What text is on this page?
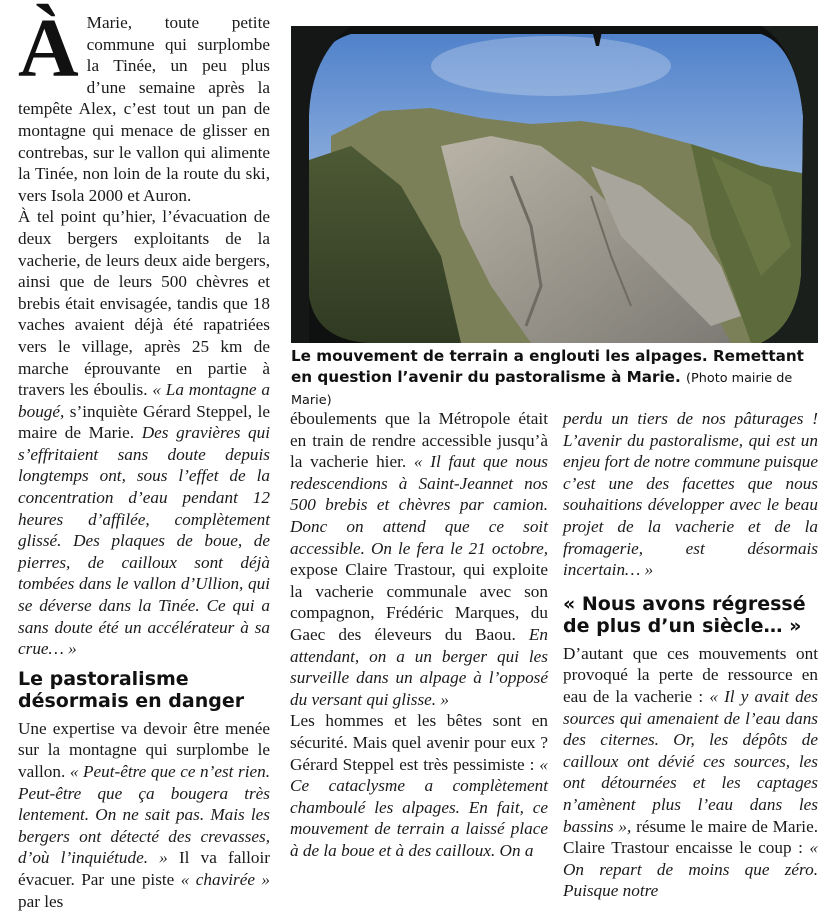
À Marie, toute petite commune qui surplombe la Tinée, un peu plus d’une semaine après la tempête Alex, c’est tout un pan de montagne qui menace de glisser en contrebas, sur le vallon qui alimente la Tinée, non loin de la route du ski, vers Isola 2000 et Auron.

À tel point qu’hier, l’évacuation de deux bergers exploitants de la vacherie, de leurs deux aide bergers, ainsi que de leurs 500 chèvres et brebis était envisagée, tandis que 18 vaches avaient déjà été rapatriées vers le village, après 25 km de marche éprouvante en partie à travers les éboulis. « La montagne a bougé, s’inquiète Gérard Steppel, le maire de Marie. Des gravières qui s’effritaient sans doute depuis longtemps ont, sous l’effet de la concentration d’eau pendant 12 heures d’affilée, complètement glissé. Des plaques de boue, de pierres, de cailloux sont déjà tombées dans le vallon d’Ullion, qui se déverse dans la Tinée. Ce qui a sans doute été un accélérateur à sa crue… »

Le pastoralisme désormais en danger

Une expertise va devoir être menée sur la montagne qui surplombe le vallon. « Peut-être que ce n’est rien. Peut-être que ça bougera très lentement. On ne sait pas. Mais les bergers ont détecté des crevasses, d’où l’inquiétude. » Il va falloir évacuer. Par une piste « chavirée » par les

Le mouvement de terrain a englouti les alpages. Remettant en question l’avenir du pastoralisme à Marie. (Photo mairie de Marie)

éboulements que la Métropole était en train de rendre accessible jusqu’à la vacherie hier. « Il faut que nous redescendions à Saint-Jeannet nos 500 brebis et chèvres par camion. Donc on attend que ce soit accessible. On le fera le 21 octobre, expose Claire Trastour, qui exploite la vacherie communale avec son compagnon, Frédéric Marques, du Gaec des éleveurs du Baou. En attendant, on a un berger qui les surveille dans un alpage à l’opposé du versant qui glisse. »

Les hommes et les bêtes sont en sécurité. Mais quel avenir pour eux ? Gérard Steppel est très pessimiste : « Ce cataclysme a complètement chamboulé les alpages. En fait, ce mouvement de terrain a laissé place à de la boue et à des cailloux. On a

perdu un tiers de nos pâturages ! L’avenir du pastoralisme, qui est un enjeu fort de notre commune puisque c’est une des facettes que nous souhaitions développer avec le beau projet de la vacherie et de la fromagerie, est désormais incertain… »

« Nous avons régressé de plus d’un siècle… »

D’autant que ces mouvements ont provoqué la perte de ressource en eau de la vacherie : « Il y avait des sources qui amenaient de l’eau dans des citernes. Or, les dépôts de cailloux ont dévié ces sources, les ont détournées et les captages n’amènent plus l’eau dans les bassins », résume le maire de Marie. Claire Trastour encaisse le coup : « On repart de moins que zéro. Puisque notre
